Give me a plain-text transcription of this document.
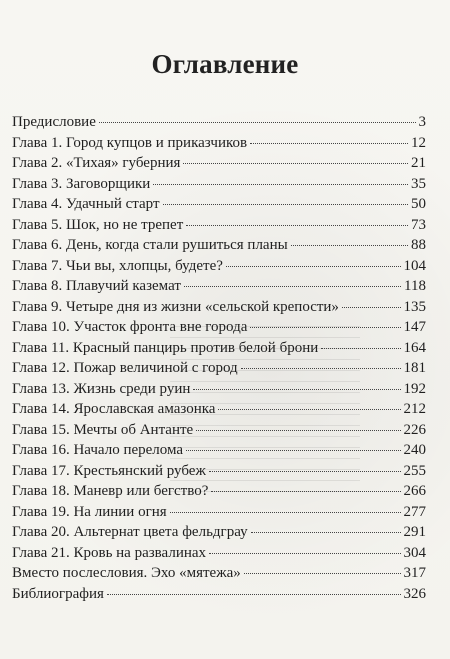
Оглавление
Предисловие	3
Глава 1. Город купцов и приказчиков	12
Глава 2. «Тихая» губерния	21
Глава 3. Заговорщики	35
Глава 4. Удачный старт	50
Глава 5. Шок, но не трепет	73
Глава 6. День, когда стали рушиться планы	88
Глава 7. Чьи вы, хлопцы, будете?	104
Глава 8. Плавучий каземат	118
Глава 9. Четыре дня из жизни «сельской крепости»	135
Глава 10. Участок фронта вне города	147
Глава 11. Красный панцирь против белой брони	164
Глава 12. Пожар величиной с город	181
Глава 13. Жизнь среди руин	192
Глава 14. Ярославская амазонка	212
Глава 15. Мечты об Антанте	226
Глава 16. Начало перелома	240
Глава 17. Крестьянский рубеж	255
Глава 18. Маневр или бегство?	266
Глава 19. На линии огня	277
Глава 20. Альтернат цвета фельдграу	291
Глава 21. Кровь на развалинах	304
Вместо послесловия. Эхо «мятежа»	317
Библиография	326
